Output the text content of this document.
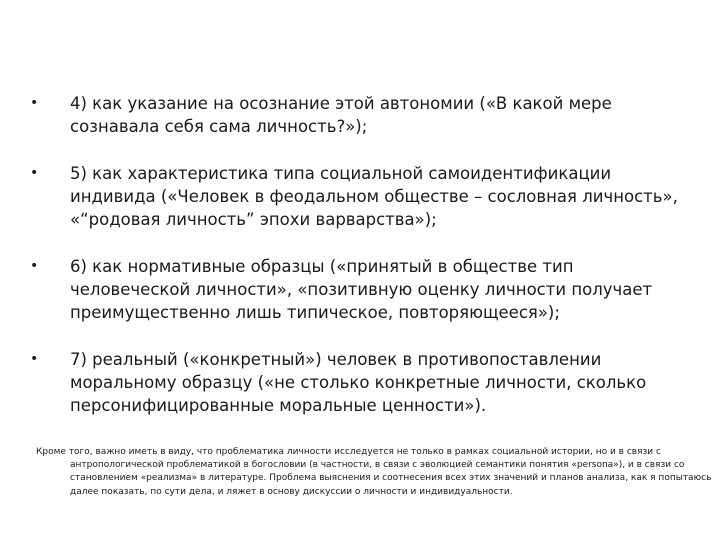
•	4) как указание на осознание этой автономии («В какой мере сознавала себя сама личность?»);
•	5) как характеристика типа социальной самоидентификации индивида («Человек в феодальном обществе – сословная личность», «“родовая личность” эпохи варварства»);
•	6) как нормативные образцы («принятый в обществе тип человеческой личности», «позитивную оценку личности получает преимущественно лишь типическое, повторяющееся»);
•	7) реальный («конкретный») человек в противопоставлении моральному образцу («не столько конкретные личности, сколько персонифицированные моральные ценности»).

Кроме того, важно иметь в виду, что проблематика личности исследуется не только в рамках социальной истории, но и в связи с антропологической проблематикой в богословии (в частности, в связи с эволюцией семантики понятия «persona»), и в связи со становлением «реализма» в литературе. Проблема выяснения и соотнесения всех этих значений и планов анализа, как я попытаюсь далее показать, по сути дела, и ляжет в основу дискуссии о личности и индивидуальности.
